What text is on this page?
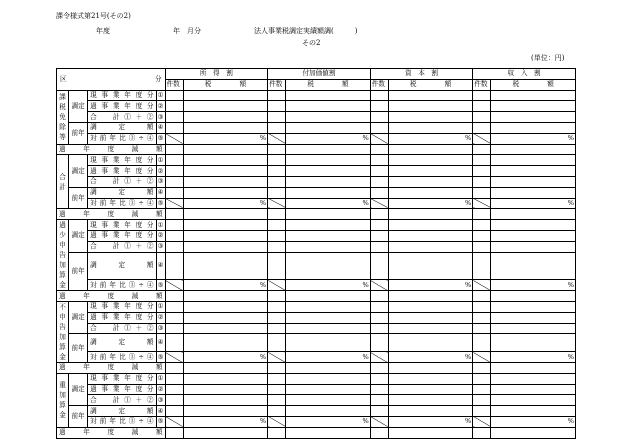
課令様式第21号(その2)
年度	年　月分	法人事業税調定実績額調(　　　)
その2
(単位：円)
区 分				所　得　割		付加価値割		資　本　割		収　入　割	
				件数	税 額	件数	税 額	件数	税 額	件数	税 額

課税免除等	調定	現事業年度分	①								
		過事業年度分	②								
		合　計①＋②	③								
	前年	調　定　額	④								
		対前年比③÷④	⑤		%		%		%		%
過　年　度　減　額											

合　　　計	調定	現事業年度分	①								
		過事業年度分	②								
		合　計①＋②	③								
	前年	調　定　額	④								
		対前年比③÷④	⑤		%		%		%		%
過　年　度　減　額											

過少申告加算金	調定	現事業年度分	①								
		過事業年度分	②								
		合　計①＋②	③								
	前年	調　定　額	④								
		対前年比③÷④	⑤		%		%		%		%
過　年　度　減　額											

不申告加算金	調定	現事業年度分	①								
		過事業年度分	②								
		合　計①＋②	③								
	前年	調　定　額	④								
		対前年比③÷④	⑤		%		%		%		%
過　年　度　減　額											

重加算金	調定	現事業年度分	①								
		過事業年度分	②								
		合　計①＋②	③								
	前年	調　定　額	④								
		対前年比③÷④	⑤		%		%		%		%
過　年　度　減　額											
